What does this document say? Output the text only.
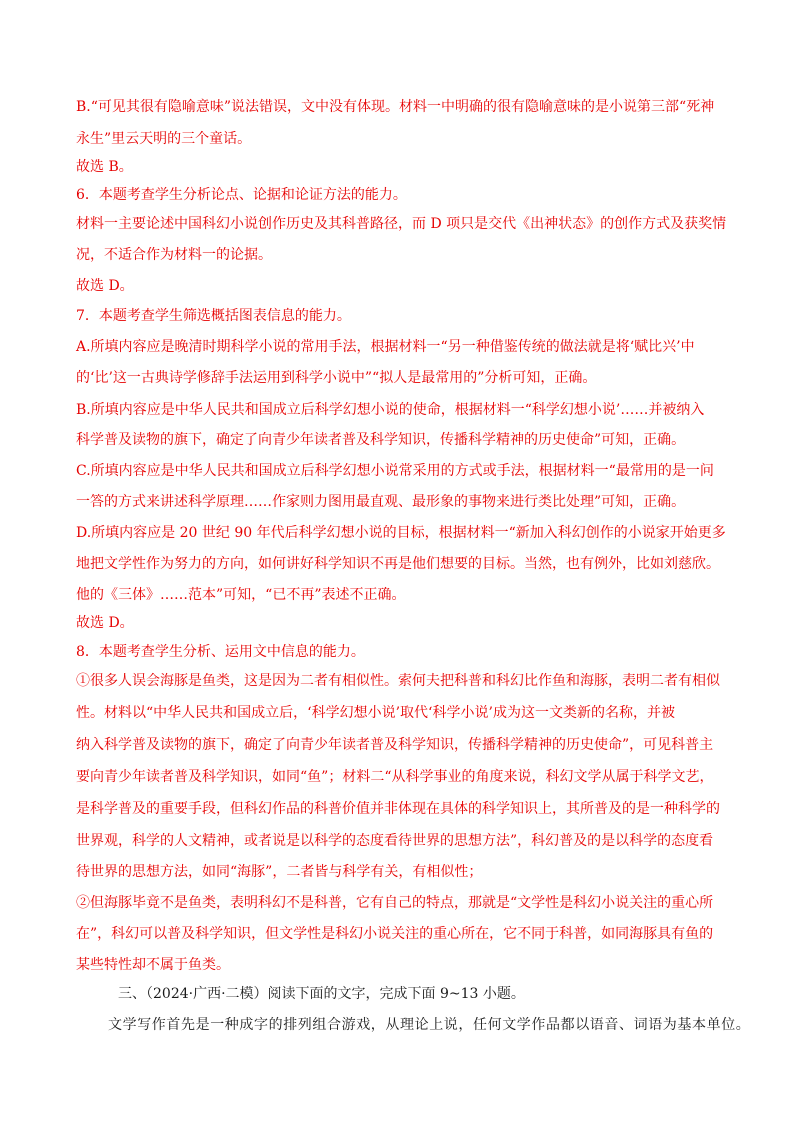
B.“可见其很有隐喻意味”说法错误，文中没有体现。材料一中明确的很有隐喻意味的是小说第三部“死神
永生”里云天明的三个童话。
故选 B。
6．本题考查学生分析论点、论据和论证方法的能力。
材料一主要论述中国科幻小说创作历史及其科普路径，而 D 项只是交代《出神状态》的创作方式及获奖情
况，不适合作为材料一的论据。
故选 D。
7．本题考查学生筛选概括图表信息的能力。
A.所填内容应是晚清时期科学小说的常用手法，根据材料一“另一种借鉴传统的做法就是将‘赋比兴’中
的‘比’这一古典诗学修辞手法运用到科学小说中”“拟人是最常用的”分析可知，正确。
B.所填内容应是中华人民共和国成立后科学幻想小说的使命，根据材料一“科学幻想小说’……并被纳入
科学普及读物的旗下，确定了向青少年读者普及科学知识，传播科学精神的历史使命”可知，正确。
C.所填内容应是中华人民共和国成立后科学幻想小说常采用的方式或手法，根据材料一“最常用的是一问
一答的方式来讲述科学原理……作家则力图用最直观、最形象的事物来进行类比处理”可知，正确。
D.所填内容应是 20 世纪 90 年代后科学幻想小说的目标，根据材料一“新加入科幻创作的小说家开始更多
地把文学性作为努力的方向，如何讲好科学知识不再是他们想要的目标。当然，也有例外，比如刘慈欣。
他的《三体》……范本”可知，“已不再”表述不正确。
故选 D。
8．本题考查学生分析、运用文中信息的能力。
①很多人误会海豚是鱼类，这是因为二者有相似性。索何夫把科普和科幻比作鱼和海豚，表明二者有相似
性。材料以“中华人民共和国成立后，‘科学幻想小说’取代‘科学小说’成为这一文类新的名称，并被
纳入科学普及读物的旗下，确定了向青少年读者普及科学知识，传播科学精神的历史使命”，可见科普主
要向青少年读者普及科学知识，如同“鱼”；材料二“从科学事业的角度来说，科幻文学从属于科学文艺，
是科学普及的重要手段，但科幻作品的科普价值并非体现在具体的科学知识上，其所普及的是一种科学的
世界观，科学的人文精神，或者说是以科学的态度看待世界的思想方法”，科幻普及的是以科学的态度看
待世界的思想方法，如同“海豚”，二者皆与科学有关，有相似性；
②但海豚毕竟不是鱼类，表明科幻不是科普，它有自己的特点，那就是“文学性是科幻小说关注的重心所
在”，科幻可以普及科学知识，但文学性是科幻小说关注的重心所在，它不同于科普，如同海豚具有鱼的
某些特性却不属于鱼类。
三、（2024·广西·二模）阅读下面的文字，完成下面 9~13 小题。
文学写作首先是一种成字的排列组合游戏，从理论上说，任何文学作品都以语音、词语为基本单位。
